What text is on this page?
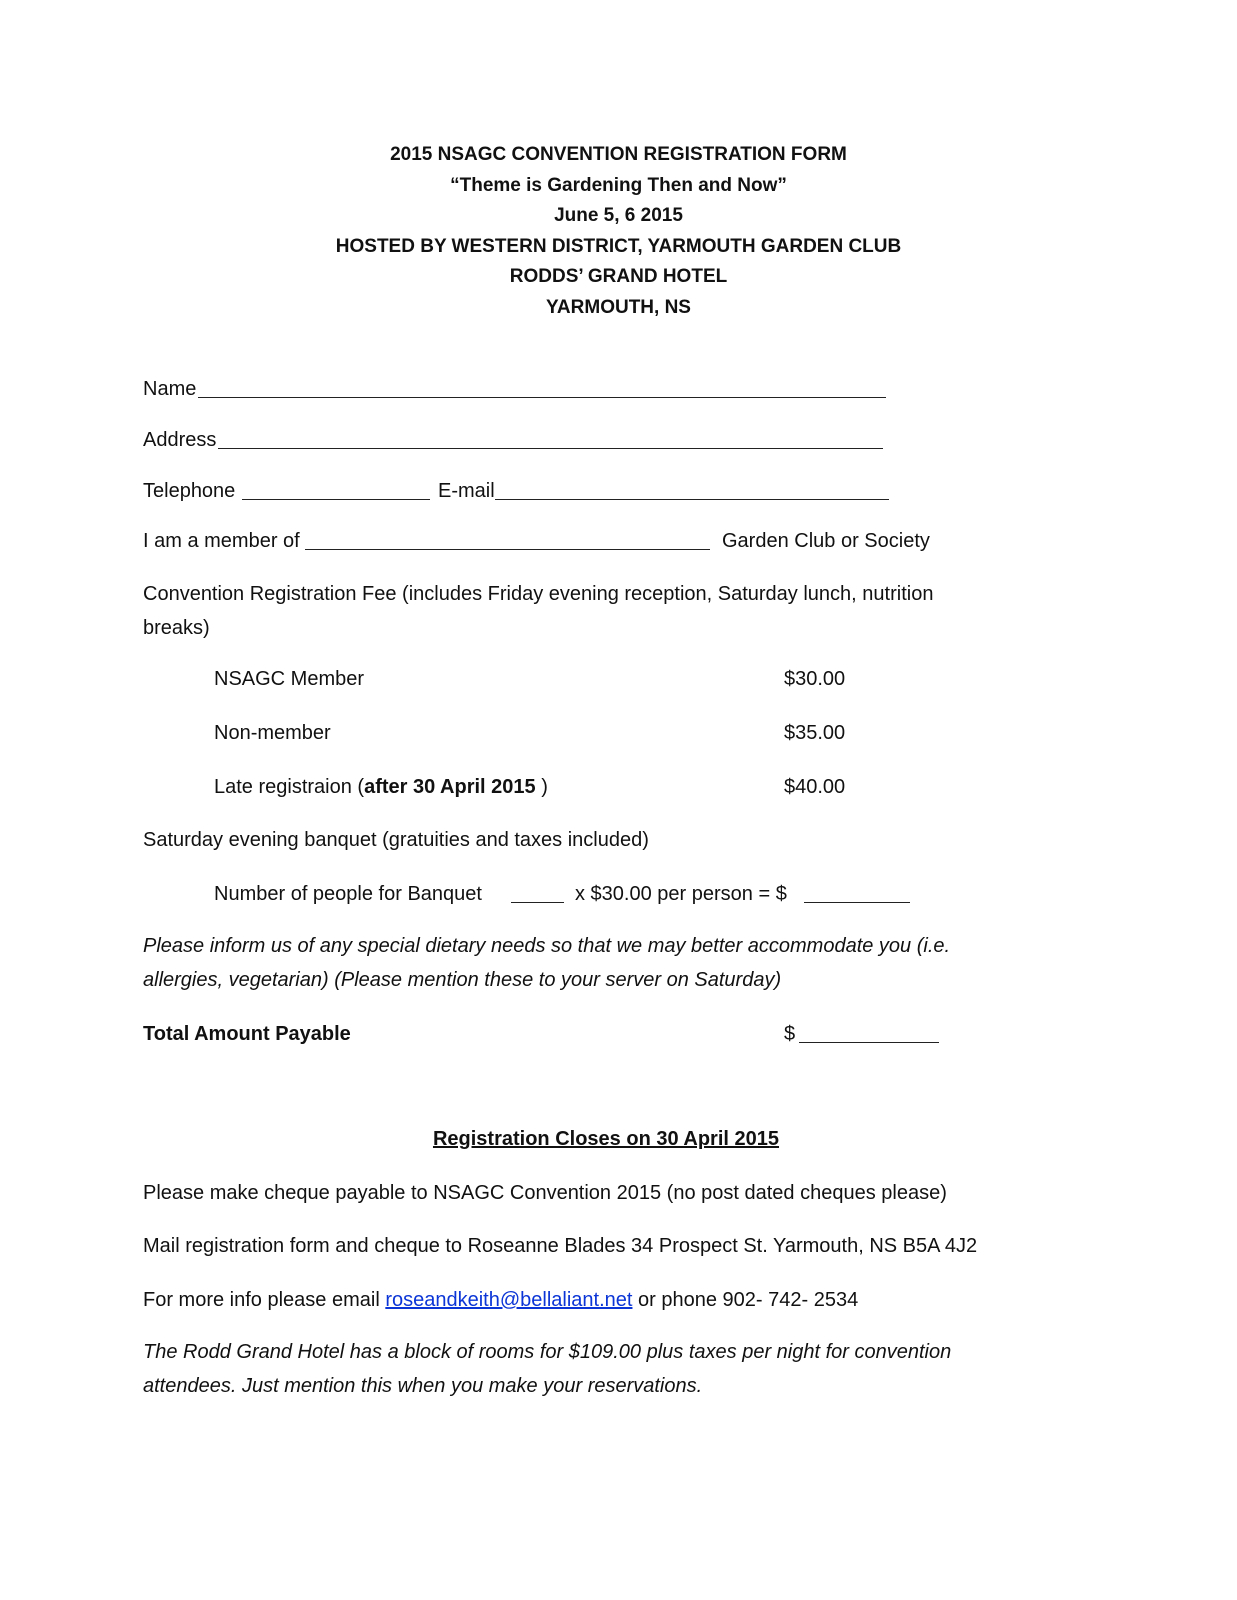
2015 NSAGC CONVENTION REGISTRATION FORM
“Theme is Gardening Then and Now”
June 5, 6 2015
HOSTED BY WESTERN DISTRICT, YARMOUTH GARDEN CLUB
RODDS’ GRAND HOTEL
YARMOUTH, NS
Name
Address
Telephone	E-mail
I am a member of	Garden Club or Society
Convention Registration Fee (includes Friday evening reception, Saturday lunch, nutrition
breaks)
NSAGC Member	$30.00
Non-member	$35.00
Late registraion (after 30 April 2015 )	$40.00
Saturday evening banquet (gratuities and taxes included)
Number of people for Banquet	x $30.00 per person = $
Please inform us of any special dietary needs so that we may better accommodate you (i.e.
allergies, vegetarian) (Please mention these to your server on Saturday)
Total Amount Payable	$
Registration Closes on 30 April 2015
Please make cheque payable to NSAGC Convention 2015 (no post dated cheques please)
Mail registration form and cheque to Roseanne Blades 34 Prospect St. Yarmouth, NS B5A 4J2
For more info please email roseandkeith@bellaliant.net or phone 902- 742- 2534
The Rodd Grand Hotel has a block of rooms for $109.00 plus taxes per night for convention
attendees. Just mention this when you make your reservations.
